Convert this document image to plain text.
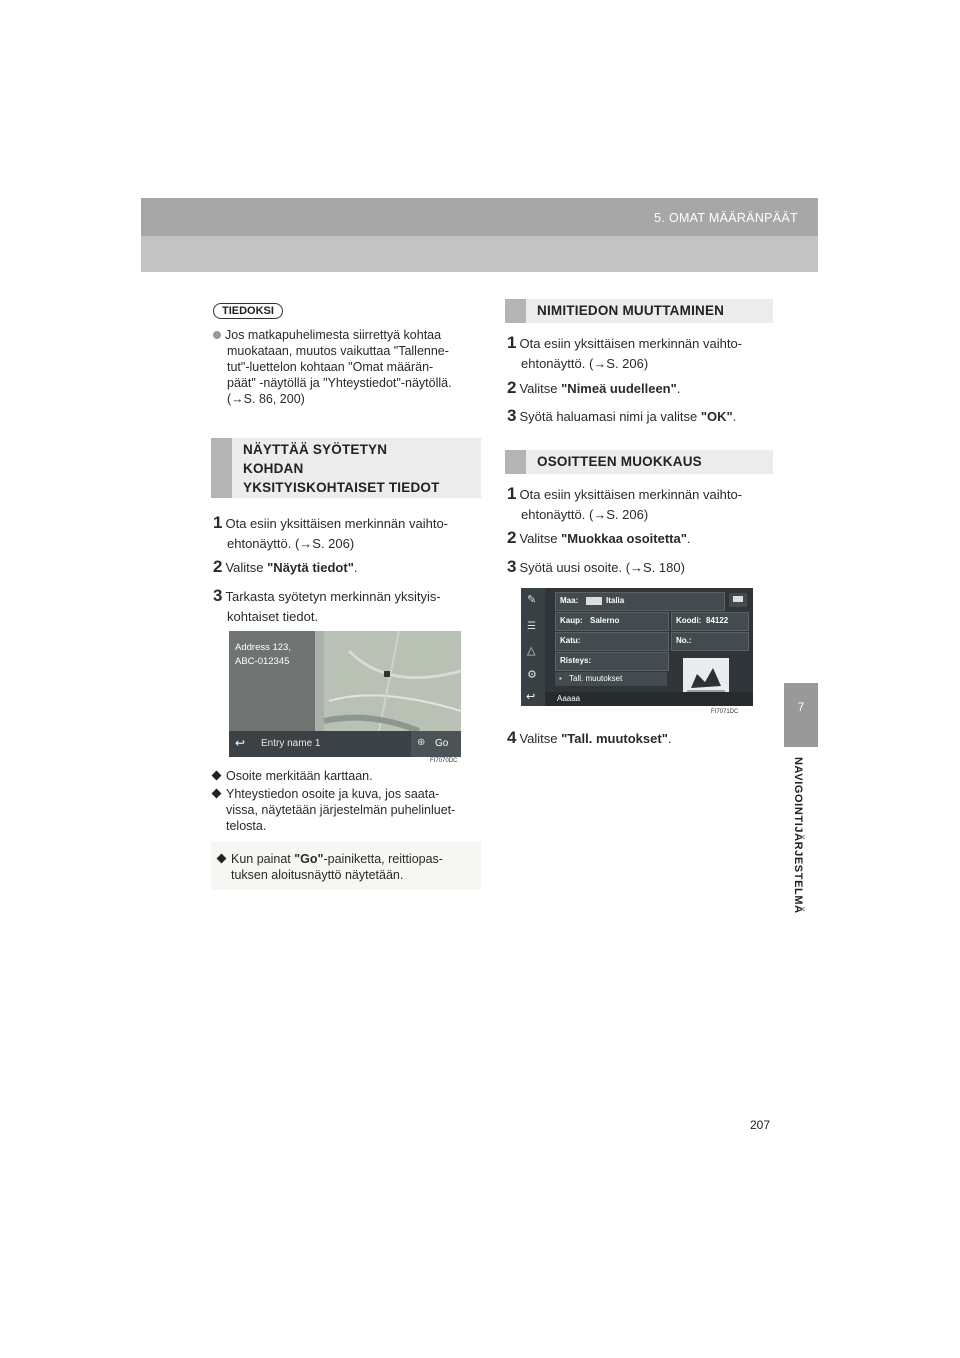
5. OMAT MÄÄRÄNPÄÄT
7
NAVIGOINTIJÄRJESTELMÄ
TIEDOKSI
Jos matkapuhelimesta siirrettyä kohtaa
muokataan, muutos vaikuttaa "Tallenne-
tut"-luettelon kohtaan "Omat määrän-
päät" -näytöllä ja "Yhteystiedot"-näytöllä.
(→S. 86, 200)
NÄYTTÄÄ SYÖTETYN
KOHDAN
YKSITYISKOHTAISET TIEDOT
1 Ota esiin yksittäisen merkinnän vaihto-
ehtonäyttö. (→S. 206)
2 Valitse "Näytä tiedot".
3 Tarkasta syötetyn merkinnän yksityis-
kohtaiset tiedot.
Address 123,
ABC-012345
↩ Entry name 1	⊕ Go
FI7070DC
Osoite merkitään karttaan.
Yhteystiedon osoite ja kuva, jos saata-
vissa, näytetään järjestelmän puhelinluet-
telosta.
Kun painat "Go"-painiketta, reittiopas-
tuksen aloitusnäyttö näytetään.
NIMITIEDON MUUTTAMINEN
1 Ota esiin yksittäisen merkinnän vaihto-
ehtonäyttö. (→S. 206)
2 Valitse "Nimeä uudelleen".
3 Syötä haluamasi nimi ja valitse "OK".
OSOITTEEN MUOKKAUS
1 Ota esiin yksittäisen merkinnän vaihto-
ehtonäyttö. (→S. 206)
2 Valitse "Muokkaa osoitetta".
3 Syötä uusi osoite. (→S. 180)
✎
☰
△
⚙
↩
Maa:	Italia
Kaup: Salerno	Koodi: 84122
Katu:	No.:
Risteys:
▪ Tall. muutokset
Aaaaa
FI7071DC
4 Valitse "Tall. muutokset".
207
